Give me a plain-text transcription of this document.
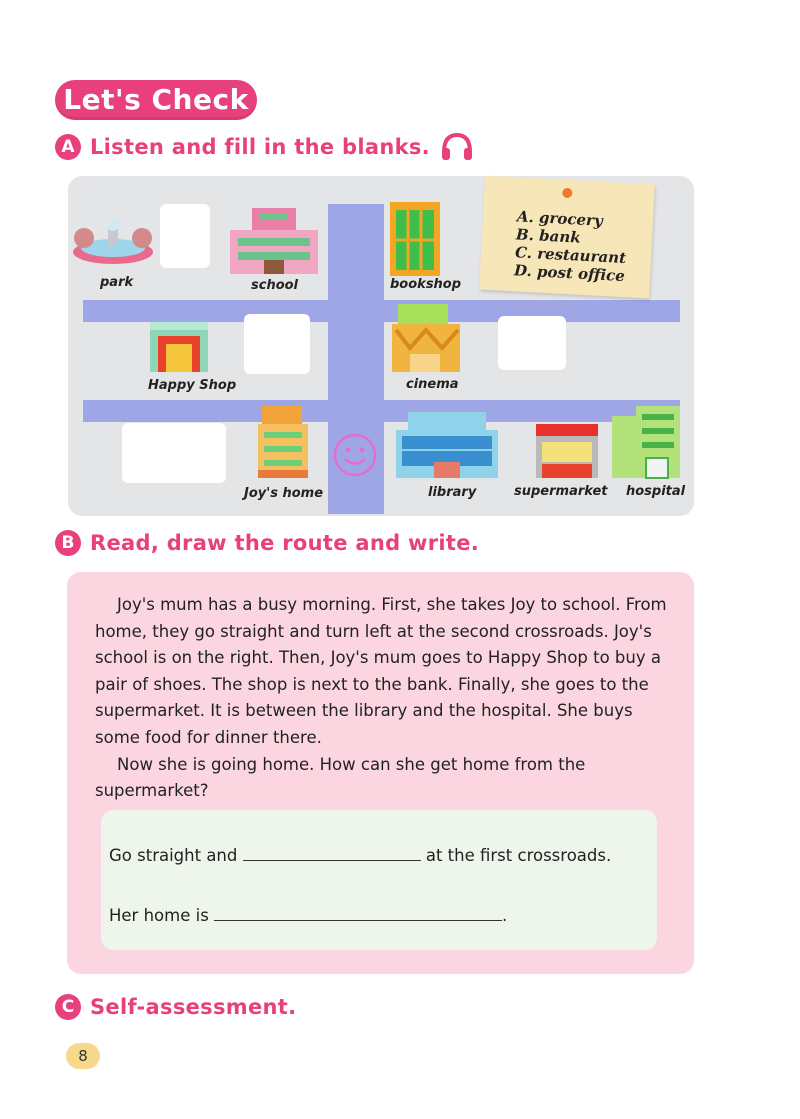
Let's Check
A Listen and fill in the blanks.
park	school	bookshop
Happy Shop	cinema
Joy's home	library	supermarket hospital
A. grocery
B. bank
C. restaurant
D. post office
B Read, draw the route and write.

Joy's mum has a busy morning. First, she takes Joy to school. From home, they go straight and turn left at the second crossroads. Joy's school is on the right. Then, Joy's mum goes to Happy Shop to buy a pair of shoes. The shop is next to the bank. Finally, she goes to the supermarket. It is between the library and the hospital. She buys some food for dinner there.

Now she is going home. How can she get home from the supermarket?

Go straight and	at the first crossroads.
Her home is	.
C Self-assessment.
8
